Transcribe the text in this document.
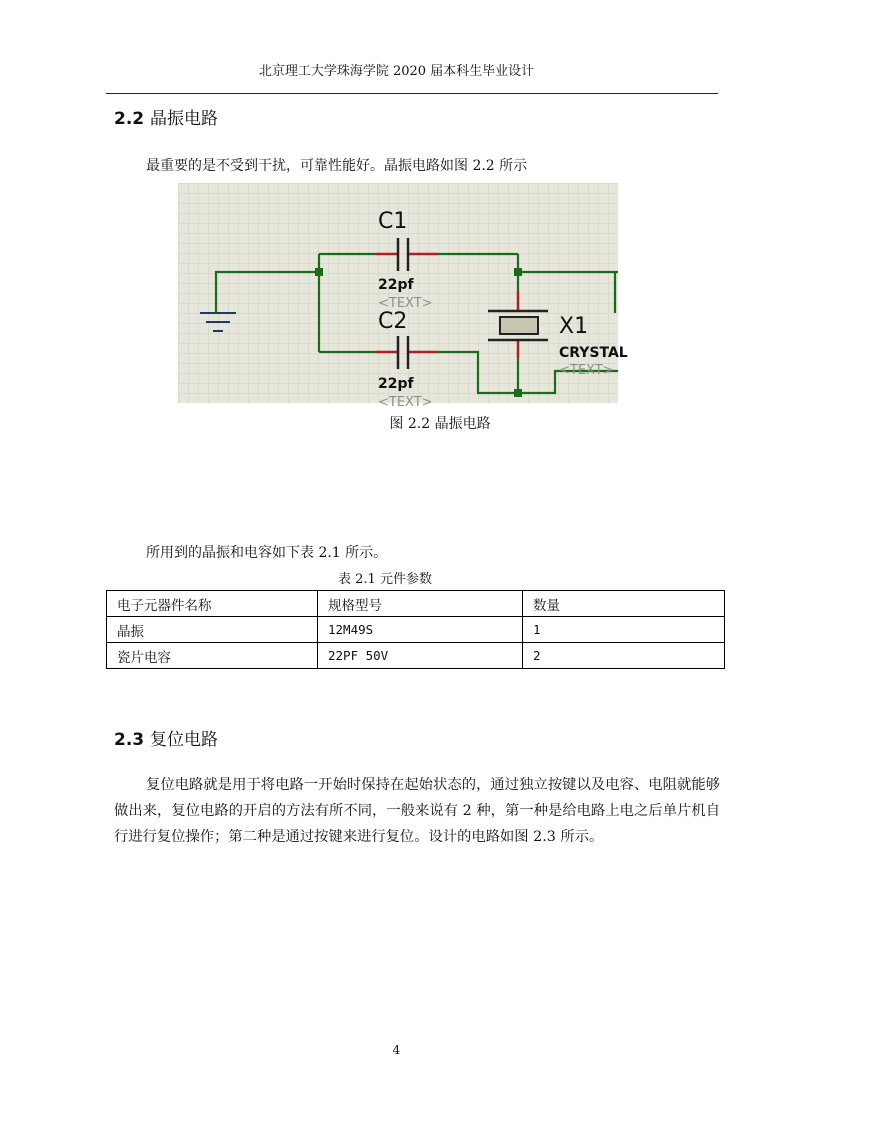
北京理工大学珠海学院 2020 届本科生毕业设计
2.2 晶振电路
最重要的是不受到干扰，可靠性能好。晶振电路如图 2.2 所示
C1
22pf
<TEXT>
C2
22pf
<TEXT>
X1
CRYSTAL
<TEXT>
图 2.2 晶振电路
所用到的晶振和电容如下表 2.1 所示。
表 2.1 元件参数
电子元器件名称	规格型号	数量
晶振	12M49S	1
瓷片电容	22PF 50V	2
2.3 复位电路
复位电路就是用于将电路一开始时保持在起始状态的，通过独立按键以及电容、电阻就能够做出来，复位电路的开启的方法有所不同，一般来说有 2 种，第一种是给电路上电之后单片机自行进行复位操作；第二种是通过按键来进行复位。设计的电路如图 2.3 所示。
4
